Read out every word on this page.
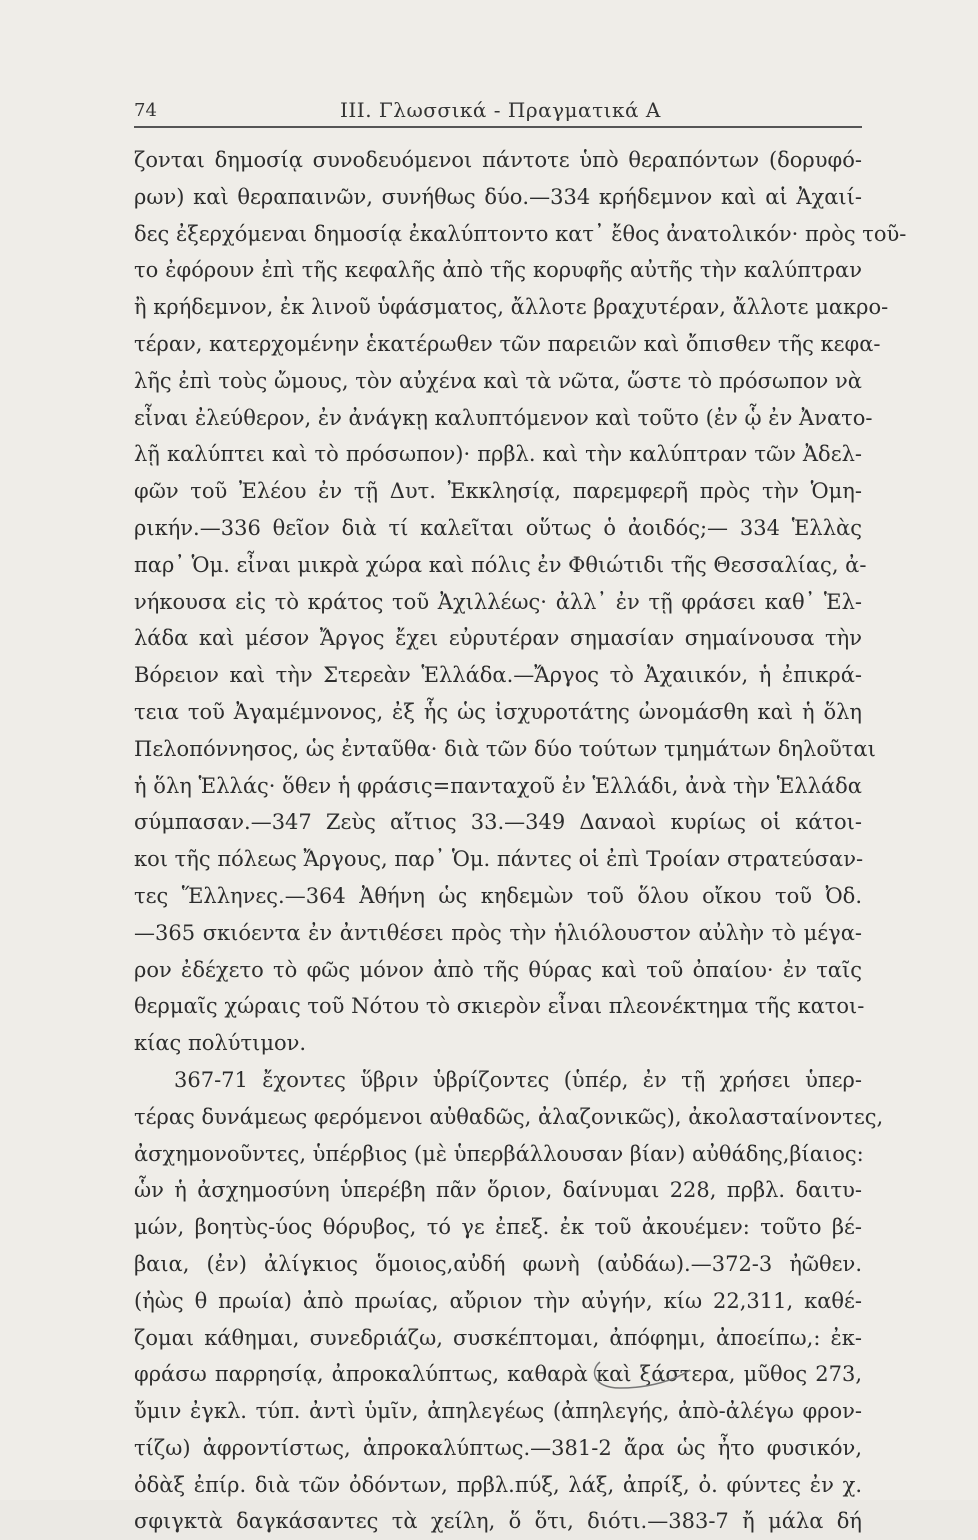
74	ΙΙΙ. Γλωσσικά - Πραγματικά Α
ζονται δημοσίᾳ συνοδευόμενοι πάντοτε ὑπὸ θεραπόντων (δορυφό-
ρων) καὶ θεραπαινῶν, συνήθως δύο.—334 κρήδεμνον καὶ αἱ Ἀχαιί-
δες ἐξερχόμεναι δημοσίᾳ ἐκαλύπτοντο κατ᾽ ἔθος ἀνατολικόν· πρὸς τοῦ-
το ἐφόρουν ἐπὶ τῆς κεφαλῆς ἀπὸ τῆς κορυφῆς αὐτῆς τὴν καλύπτραν
ἢ κρήδεμνον, ἐκ λινοῦ ὑφάσματος, ἄλλοτε βραχυτέραν, ἄλλοτε μακρο-
τέραν, κατερχομένην ἑκατέρωθεν τῶν παρειῶν καὶ ὄπισθεν τῆς κεφα-
λῆς ἐπὶ τοὺς ὤμους, τὸν αὐχένα καὶ τὰ νῶτα, ὥστε τὸ πρόσωπον νὰ
εἶναι ἐλεύθερον, ἐν ἀνάγκῃ καλυπτόμενον καὶ τοῦτο (ἐν ᾧ ἐν Ἀνατο-
λῇ καλύπτει καὶ τὸ πρόσωπον)· πρβλ. καὶ τὴν καλύπτραν τῶν Ἀδελ-
φῶν τοῦ Ἐλέου ἐν τῇ Δυτ. Ἐκκλησίᾳ, παρεμφερῆ πρὸς τὴν Ὁμη-
ρικήν.—336 θεῖον διὰ τί καλεῖται οὕτως ὁ ἀοιδός;— 334 Ἑλλὰς
παρ᾽ Ὁμ. εἶναι μικρὰ χώρα καὶ πόλις ἐν Φθιώτιδι τῆς Θεσσαλίας, ἀ-
νήκουσα εἰς τὸ κράτος τοῦ Ἀχιλλέως· ἀλλ᾽ ἐν τῇ φράσει καθ᾽ Ἑλ-
λάδα καὶ μέσον Ἄργος ἔχει εὐρυτέραν σημασίαν σημαίνουσα τὴν
Βόρειον καὶ τὴν Στερεὰν Ἑλλάδα.—Ἄργος τὸ Ἀχαιικόν, ἡ ἐπικρά-
τεια τοῦ Ἀγαμέμνονος, ἐξ ἧς ὡς ἰσχυροτάτης ὠνομάσθη καὶ ἡ ὅλη
Πελοπόννησος, ὡς ἐνταῦθα· διὰ τῶν δύο τούτων τμημάτων δηλοῦται
ἡ ὅλη Ἑλλάς· ὅθεν ἡ φράσις=πανταχοῦ ἐν Ἑλλάδι, ἀνὰ τὴν Ἑλλάδα
σύμπασαν.—347 Ζεὺς αἴτιος 33.—349 Δαναοὶ κυρίως οἱ κάτοι-
κοι τῆς πόλεως Ἄργους, παρ᾽ Ὁμ. πάντες οἱ ἐπὶ Τροίαν στρατεύσαν-
τες Ἕλληνες.—364 Ἀθήνη ὡς κηδεμὼν τοῦ ὅλου οἴκου τοῦ Ὀδ.
—365 σκιόεντα ἐν ἀντιθέσει πρὸς τὴν ἡλιόλουστον αὐλὴν τὸ μέγα-
ρον ἐδέχετο τὸ φῶς μόνον ἀπὸ τῆς θύρας καὶ τοῦ ὀπαίου· ἐν ταῖς
θερμαῖς χώραις τοῦ Νότου τὸ σκιερὸν εἶναι πλεονέκτημα τῆς κατοι-
κίας πολύτιμον.
367-71 ἔχοντες ὕβριν ὑβρίζοντες (ὑπέρ, ἐν τῇ χρήσει ὑπερ-
τέρας δυνάμεως φερόμενοι αὐθαδῶς, ἀλαζονικῶς), ἀκολασταίνοντες,
ἀσχημονοῦντες, ὑπέρβιος (μὲ ὑπερβάλλουσαν βίαν) αὐθάδης,βίαιος:
ὧν ἡ ἀσχημοσύνη ὑπερέβη πᾶν ὅριον, δαίνυμαι 228, πρβλ. δαιτυ-
μών, βοητὺς-ύος θόρυβος, τό γε ἐπεξ. ἐκ τοῦ ἀκουέμεν: τοῦτο βέ-
βαια, (ἐν) ἀλίγκιος ὅμοιος,αὐδή φωνὴ (αὐδάω).—372-3 ἠῶθεν.
(ἠὼς θ πρωία) ἀπὸ πρωίας, αὔριον τὴν αὐγήν, κίω 22,311, καθέ-
ζομαι κάθημαι, συνεδριάζω, συσκέπτομαι, ἀπόφημι, ἀποείπω,: ἐκ-
φράσω παρρησίᾳ, ἀπροκαλύπτως, καθαρὰ καὶ ξάστερα, μῦθος 273,
ὔμιν ἐγκλ. τύπ. ἀντὶ ὑμῖν, ἀπηλεγέως (ἀπηλεγής, ἀπὸ-ἀλέγω φρον-
τίζω) ἀφροντίστως, ἀπροκαλύπτως.—381-2 ἄρα ὡς ἦτο φυσικόν,
ὀδὰξ ἐπίρ. διὰ τῶν ὀδόντων, πρβλ.πύξ, λάξ, ἀπρίξ, ὀ. φύντες ἐν χ.
σφιγκτὰ δαγκάσαντες τὰ χείλη, ὅ ὅτι, διότι.—383-7 ἤ μάλα δή
